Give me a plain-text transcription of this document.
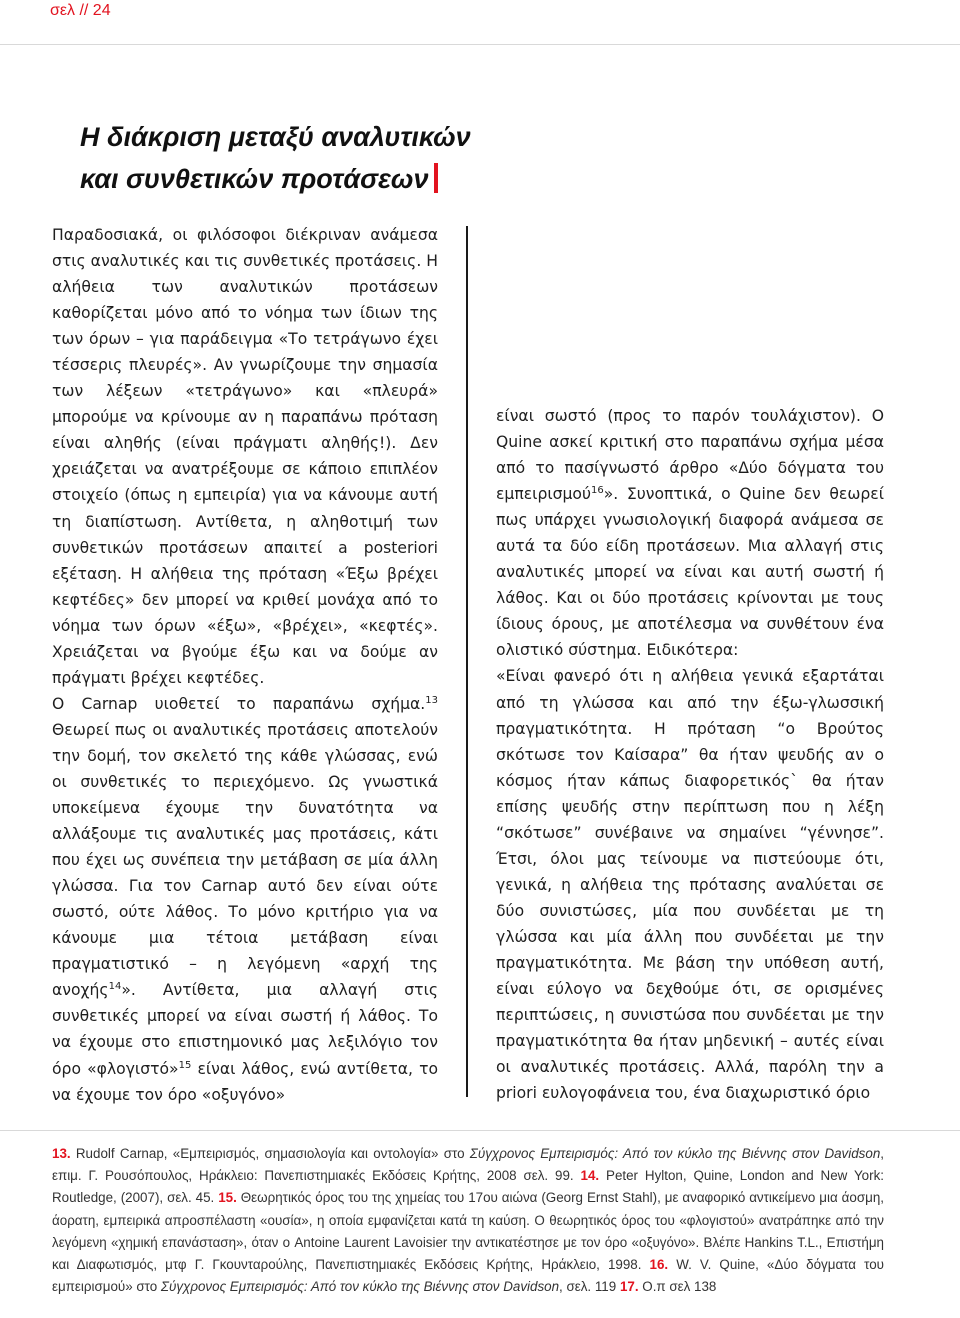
σελ // 24
Η διάκριση μεταξύ αναλυτικών
και συνθετικών προτάσεων

Παραδοσιακά, οι φιλόσοφοι διέκριναν ανάμεσα στις αναλυτικές και τις συνθετικές προτάσεις. Η αλήθεια των αναλυτικών προτάσεων καθορίζεται μόνο από το νόημα των ίδιων της των όρων – για παράδειγμα «Το τετράγωνο έχει τέσσερις πλευρές». Αν γνωρίζουμε την σημασία των λέξεων «τετράγωνο» και «πλευρά» μπορούμε να κρίνουμε αν η παραπάνω πρόταση είναι αληθής (είναι πράγματι αληθής!). Δεν χρειάζεται να ανατρέξουμε σε κάποιο επιπλέον στοιχείο (όπως η εμπειρία) για να κάνουμε αυτή τη διαπίστωση. Αντίθετα, η αληθοτιμή των συνθετικών προτάσεων απαιτεί a posteriori εξέταση. Η αλήθεια της πρόταση «Έξω βρέχει κεφτέδες» δεν μπορεί να κριθεί μονάχα από το νόημα των όρων «έξω», «βρέχει», «κεφτές». Χρειάζεται να βγούμε έξω και να δούμε αν πράγματι βρέχει κεφτέδες.

Ο Carnap υιοθετεί το παραπάνω σχήμα.$^{13}$ Θεωρεί πως οι αναλυτικές προτάσεις αποτελούν την δομή, τον σκελετό της κάθε γλώσσας, ενώ οι συνθετικές το περιεχόμενο. Ως γνωστικά υποκείμενα έχουμε την δυνατότητα να αλλάξουμε τις αναλυτικές μας προτάσεις, κάτι που έχει ως συνέπεια την μετάβαση σε μία άλλη γλώσσα. Για τον Carnap αυτό δεν είναι ούτε σωστό, ούτε λάθος. Το μόνο κριτήριο για να κάνουμε μια τέτοια μετάβαση είναι πραγματιστικό – η λεγόμενη «αρχή της ανοχής$^{14}$». Αντίθετα, μια αλλαγή στις συνθετικές μπορεί να είναι σωστή ή λάθος. Το να έχουμε στο επιστημονικό μας λεξιλόγιο τον όρο «φλογιστό»$^{15}$ είναι λάθος, ενώ αντίθετα, το να έχουμε τον όρο «οξυγόνο»

είναι σωστό (προς το παρόν τουλάχιστον). Ο Quine ασκεί κριτική στο παραπάνω σχήμα μέσα από το πασίγνωστό άρθρο «Δύο δόγματα του εμπειρισμού$^{16}$». Συνοπτικά, ο Quine δεν θεωρεί πως υπάρχει γνωσιολογική διαφορά ανάμεσα σε αυτά τα δύο είδη προτάσεων. Μια αλλαγή στις αναλυτικές μπορεί να είναι και αυτή σωστή ή λάθος. Και οι δύο προτάσεις κρίνονται με τους ίδιους όρους, με αποτέλεσμα να συνθέτουν ένα ολιστικό σύστημα. Ειδικότερα:

«Είναι φανερό ότι η αλήθεια γενικά εξαρτάται από τη γλώσσα και από την έξω-γλωσσική πραγματικότητα. Η πρόταση “ο Βρούτος σκότωσε τον Καίσαρα” θα ήταν ψευδής αν ο κόσμος ήταν κάπως διαφορετικός` θα ήταν επίσης ψευδής στην περίπτωση που η λέξη “σκότωσε” συνέβαινε να σημαίνει “γέννησε”. Έτσι, όλοι μας τείνουμε να πιστεύουμε ότι, γενικά, η αλήθεια της πρότασης αναλύεται σε δύο συνιστώσες, μία που συνδέεται με τη γλώσσα και μία άλλη που συνδέεται με την πραγματικότητα. Με βάση την υπόθεση αυτή, είναι εύλογο να δεχθούμε ότι, σε ορισμένες περιπτώσεις, η συνιστώσα που συνδέεται με την πραγματικότητα θα ήταν μηδενική – αυτές είναι οι αναλυτικές προτάσεις. Αλλά, παρόλη την a priori ευλογοφάνεια του, ένα διαχωριστικό όριο

13. Rudolf Carnap, «Εμπειρισμός, σημασιολογία και οντολογία» στο Σύγχρονος Εμπειρισμός: Από τον κύκλο της Βιέννης στον Davidson, επιμ. Γ. Ρουσόπουλος, Ηράκλειο: Πανεπιστημιακές Εκδόσεις Κρήτης, 2008 σελ. 99. 14. Peter Hylton, Quine, London and New York: Routledge, (2007), σελ. 45. 15. Θεωρητικός όρος του της χημείας του 17ου αιώνα (Georg Ernst Stahl), με αναφορικό αντικείμενο μια άοσμη, άορατη, εμπειρικά απροσπέλαστη «ουσία», η οποία εμφανίζεται κατά τη καύση. Ο θεωρητικός όρος του «φλογιστού» ανατράπηκε από την λεγόμενη «χημική επανάσταση», όταν ο Antoine Laurent Lavoisier την αντικατέστησε με τον όρο «οξυγόνο». Βλέπε Hankins T.L., Επιστήμη και Διαφωτισμός, μτφ Γ. Γκουνταρούλης, Πανεπιστημιακές Εκδόσεις Κρήτης, Ηράκλειο, 1998. 16. W. V. Quine, «Δύο δόγματα του εμπειρισμού» στο Σύγχρονος Εμπειρισμός: Από τον κύκλο της Βιέννης στον Davidson, σελ. 119 17. Ο.π σελ 138
